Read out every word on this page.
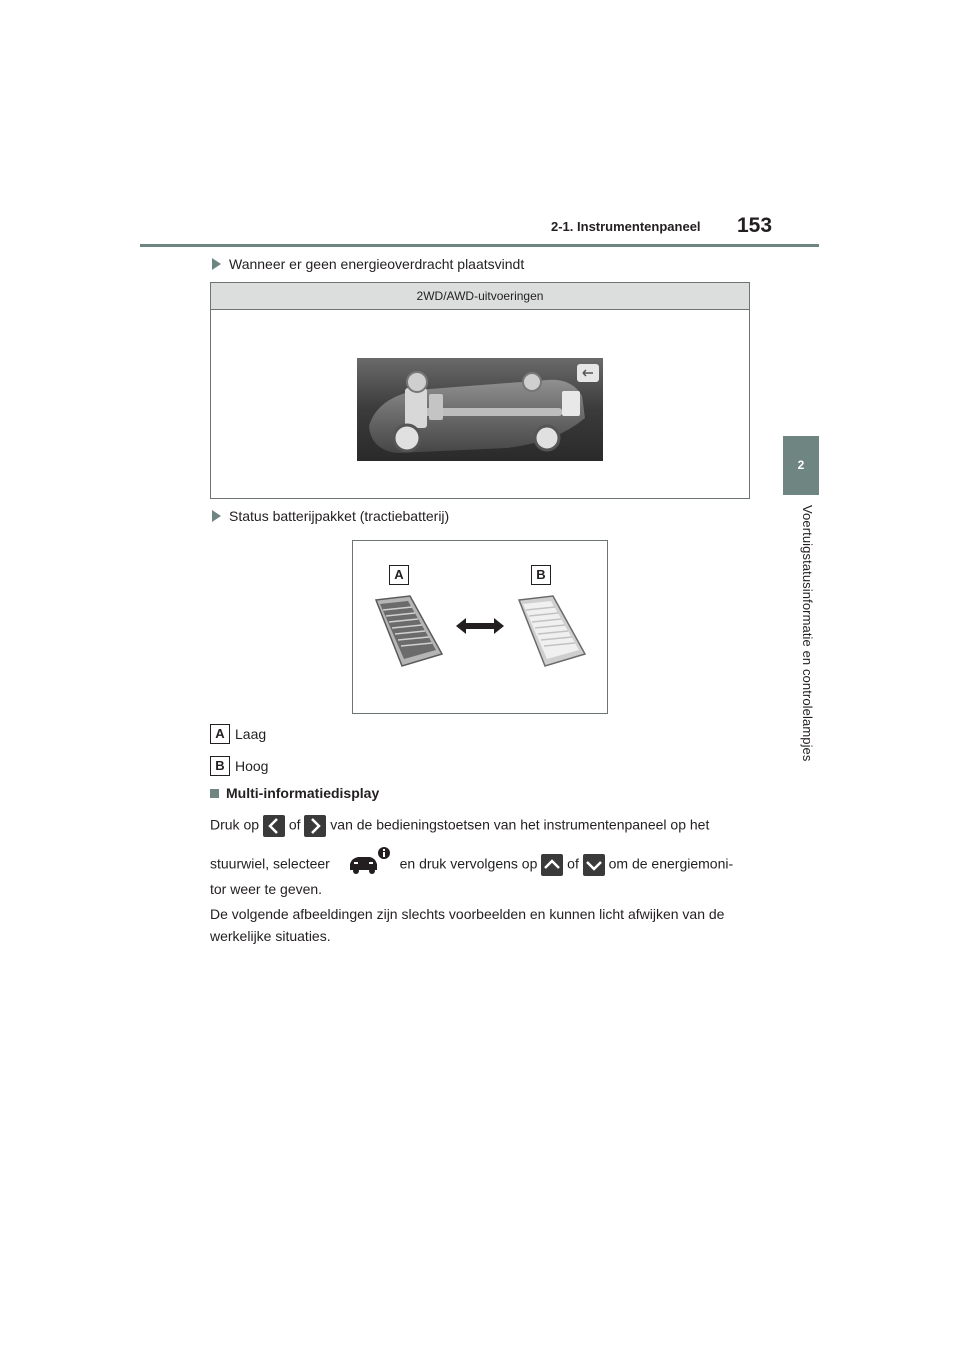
2-1. Instrumentenpaneel 153
2
Voertuigstatusinformatie en controlelampjes
Wanneer er geen energieoverdracht plaatsvindt
2WD/AWD-uitvoeringen
Status batterijpakket (tractiebatterij)
A	B
A Laag
B Hoog
Multi-informatiedisplay
Druk op of van de bedieningstoetsen van het instrumentenpaneel op het
stuurwiel, selecteer	en druk vervolgens op of om de energiemoni-
tor weer te geven.
De volgende afbeeldingen zijn slechts voorbeelden en kunnen licht afwijken van de
werkelijke situaties.
